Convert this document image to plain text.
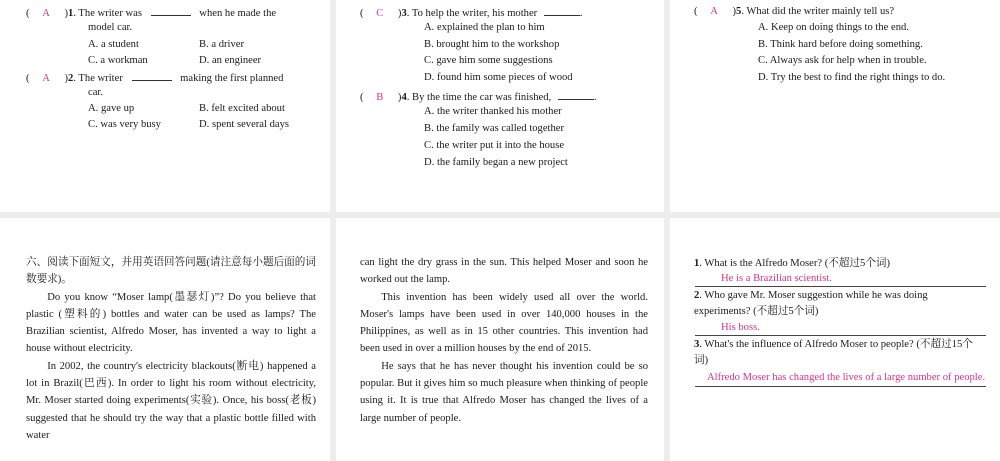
( A )1. The writer was	when he made the
model car.
A. a student	B. a driver
C. a workman	D. an engineer
( A )2. The writer	making the first planned
car.
A. gave up	B. felt excited about
C. was very busy	D. spent several days
( C )3. To help the writer, his mother	.
A. explained the plan to him
B. brought him to the workshop
C. gave him some suggestions
D. found him some pieces of wood
( B )4. By the time the car was finished,	.
A. the writer thanked his mother
B. the family was called together
C. the writer put it into the house
D. the family began a new project
( A )5. What did the writer mainly tell us?
A. Keep on doing things to the end.
B. Think hard before doing something.
C. Always ask for help when in trouble.
D. Try the best to find the right things to do.

六、阅读下面短文，并用英语回答问题(请注意每小题后面的词数要求)。

Do you know “Moser lamp(墨瑟灯)”? Do you believe that plastic (塑料的) bottles and water can be used as lamps? The Brazilian scientist, Alfredo Moser, has invented a way to light a house without electricity.

In 2002, the country's electricity blackouts(断电) happened a lot in Brazil(巴西). In order to light his room without electricity, Mr. Moser started doing experiments(实验). Once, his boss(老板) suggested that he should try the way that a plastic bottle filled with water

can light the dry grass in the sun. This helped Moser and soon he worked out the lamp.

This invention has been widely used all over the world. Moser's lamps have been used in over 140,000 houses in the Philippines, as well as in 15 other countries. This invention had been used in over a million houses by the end of 2015.

He says that he has never thought his invention could be so popular. But it gives him so much pleasure when thinking of people using it. It is true that Alfredo Moser has changed the lives of a large number of people.

1. What is the Alfredo Moser? (不超过5个词)
He is a Brazilian scientist.
2. Who gave Mr. Moser suggestion while he was doing experiments? (不超过5个词)
His boss.
3. What's the influence of Alfredo Moser to people? (不超过15个词)
Alfredo Moser has changed the lives of a large number of people.
